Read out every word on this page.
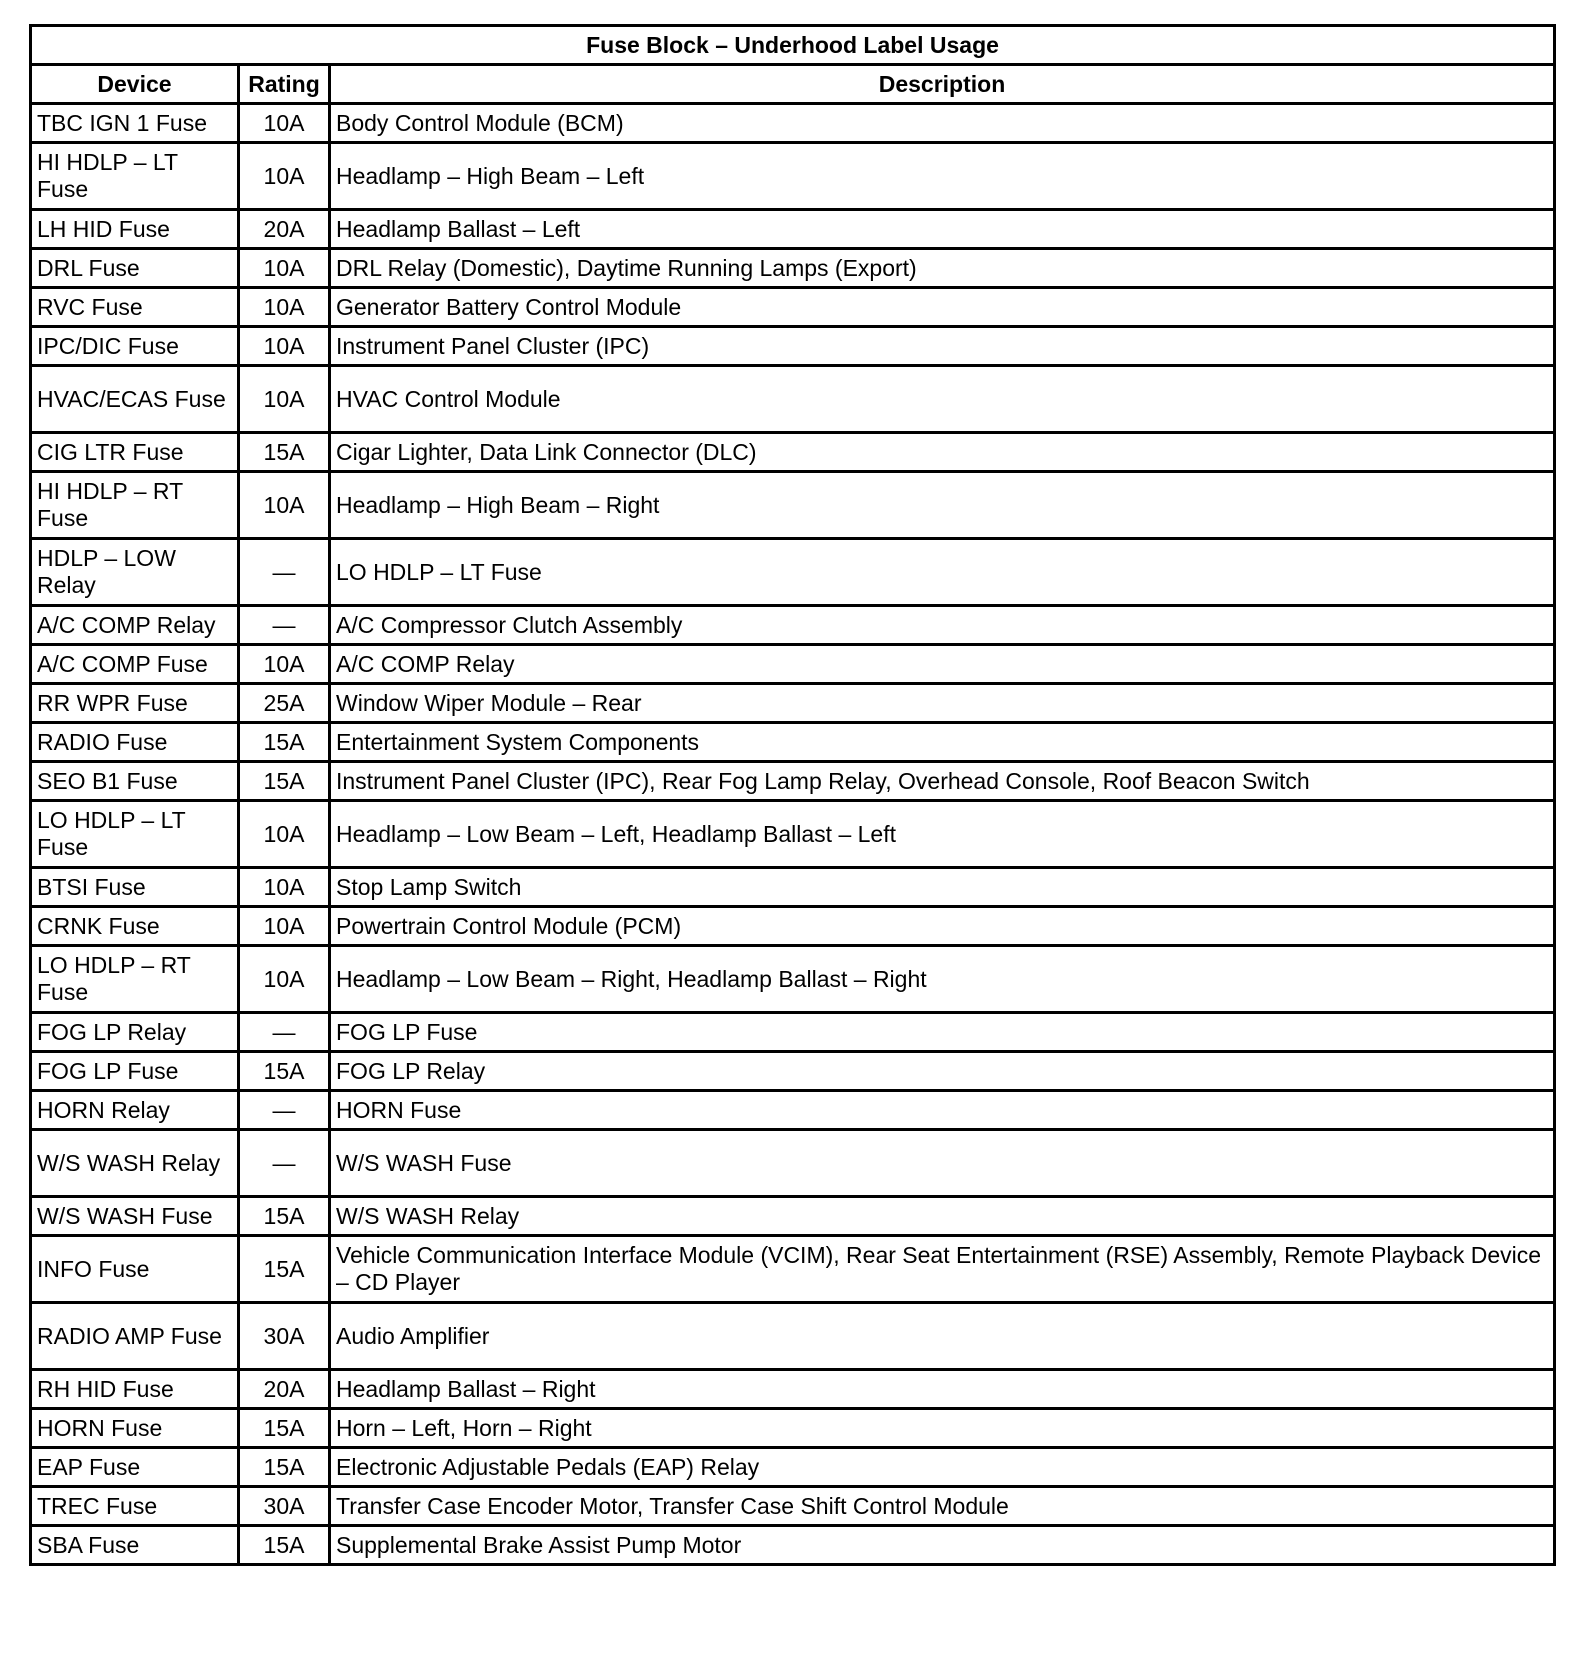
Fuse Block – Underhood Label Usage		
Device	Rating	Description
TBC IGN 1 Fuse	10A	Body Control Module (BCM)
HI HDLP – LT Fuse	10A	Headlamp – High Beam – Left
LH HID Fuse	20A	Headlamp Ballast – Left
DRL Fuse	10A	DRL Relay (Domestic), Daytime Running Lamps (Export)
RVC Fuse	10A	Generator Battery Control Module
IPC/DIC Fuse	10A	Instrument Panel Cluster (IPC)
HVAC/ECAS Fuse	10A	HVAC Control Module
CIG LTR Fuse	15A	Cigar Lighter, Data Link Connector (DLC)
HI HDLP – RT Fuse	10A	Headlamp – High Beam – Right
HDLP – LOW Relay	—	LO HDLP – LT Fuse
A/C COMP Relay	—	A/C Compressor Clutch Assembly
A/C COMP Fuse	10A	A/C COMP Relay
RR WPR Fuse	25A	Window Wiper Module – Rear
RADIO Fuse	15A	Entertainment System Components
SEO B1 Fuse	15A	Instrument Panel Cluster (IPC), Rear Fog Lamp Relay, Overhead Console, Roof Beacon Switch
LO HDLP – LT Fuse	10A	Headlamp – Low Beam – Left, Headlamp Ballast – Left
BTSI Fuse	10A	Stop Lamp Switch
CRNK Fuse	10A	Powertrain Control Module (PCM)
LO HDLP – RT Fuse	10A	Headlamp – Low Beam – Right, Headlamp Ballast – Right
FOG LP Relay	—	FOG LP Fuse
FOG LP Fuse	15A	FOG LP Relay
HORN Relay	—	HORN Fuse
W/S WASH Relay	—	W/S WASH Fuse
W/S WASH Fuse	15A	W/S WASH Relay
INFO Fuse	15A	Vehicle Communication Interface Module (VCIM), Rear Seat Entertainment (RSE) Assembly, Remote Playback Device – CD Player
RADIO AMP Fuse	30A	Audio Amplifier
RH HID Fuse	20A	Headlamp Ballast – Right
HORN Fuse	15A	Horn – Left, Horn – Right
EAP Fuse	15A	Electronic Adjustable Pedals (EAP) Relay
TREC Fuse	30A	Transfer Case Encoder Motor, Transfer Case Shift Control Module
SBA Fuse	15A	Supplemental Brake Assist Pump Motor
